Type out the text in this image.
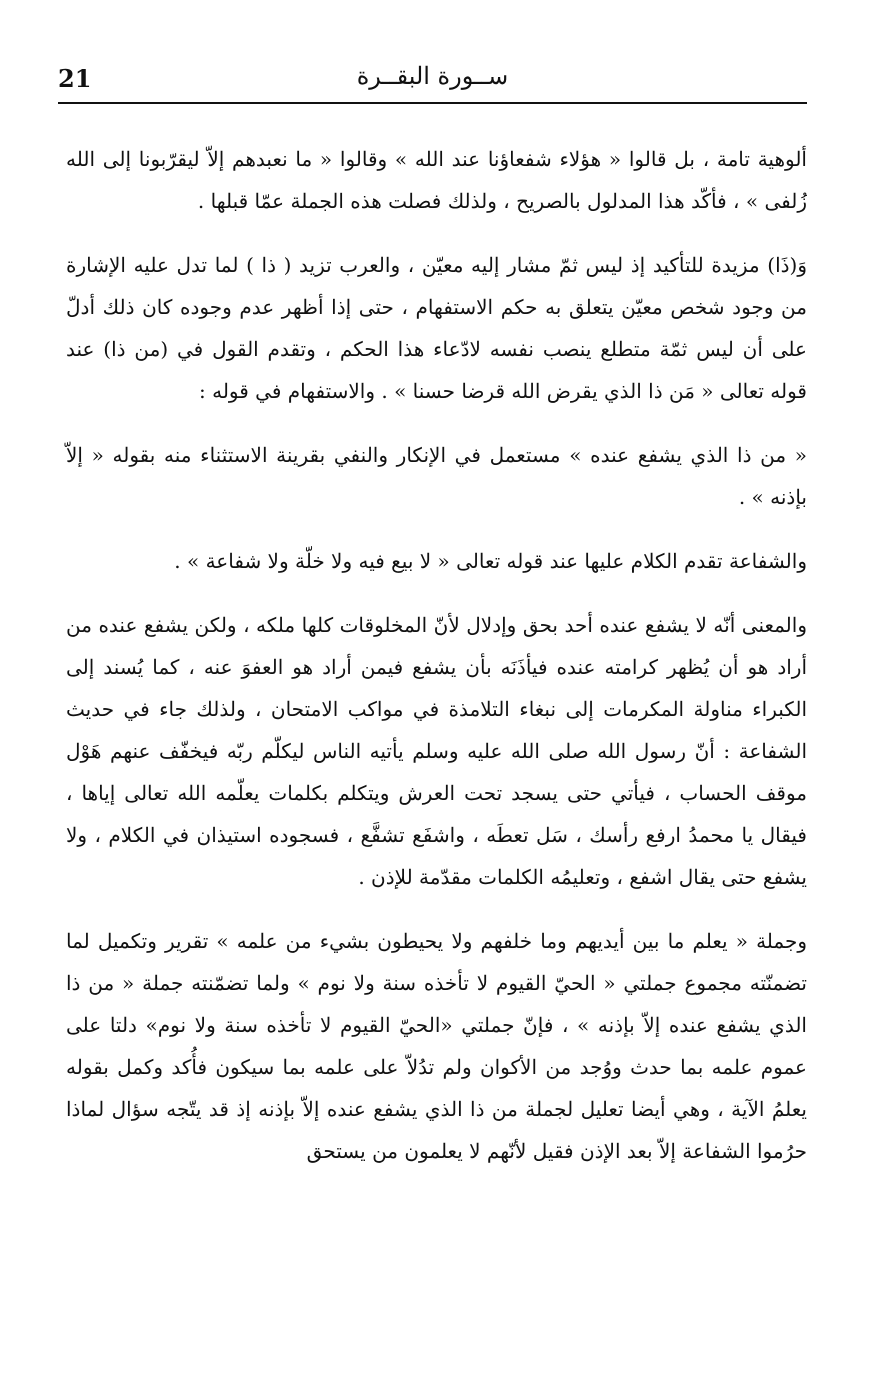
21	ســورة البقــرة

ألوهية تامة ، بل قالوا « هؤلاء شفعاؤنا عند الله » وقالوا « ما نعبدهم إلاّ ليقرّبونا إلى الله زُلفى » ، فأكّد هذا المدلول بالصريح ، ولذلك فصلت هذه الجملة عمّا قبلها .

وَ(ذَا) مزيدة للتأكيد إذ ليس ثمّ مشار إليه معيّن ، والعرب تزيد ( ذا ) لما تدل عليه الإشارة من وجود شخص معيّن يتعلق به حكم الاستفهام ، حتى إذا أظهر عدم وجوده كان ذلك أدلّ على أن ليس ثمّة متطلع ينصب نفسه لادّعاء هذا الحكم ، وتقدم القول في (من ذا) عند قوله تعالى « مَن ذا الذي يقرض الله قرضا حسنا » . والاستفهام في قوله :

« من ذا الذي يشفع عنده » مستعمل في الإنكار والنفي بقرينة الاستثناء منه بقوله « إلاّ بإذنه » .

والشفاعة تقدم الكلام عليها عند قوله تعالى « لا بيع فيه ولا خلّة ولا شفاعة » .

والمعنى أنّه لا يشفع عنده أحد بحق وإدلال لأنّ المخلوقات كلها ملكه ، ولكن يشفع عنده من أراد هو أن يُظهر كرامته عنده فيأذَنَه بأن يشفع فيمن أراد هو العفوَ عنه ، كما يُسند إلى الكبراء مناولة المكرمات إلى نبغاء التلامذة في مواكب الامتحان ، ولذلك جاء في حديث الشفاعة : أنّ رسول الله صلى الله عليه وسلم يأتيه الناس ليكلّم ربّه فيخفّف عنهم هَوْل موقف الحساب ، فيأتي حتى يسجد تحت العرش ويتكلم بكلمات يعلّمه الله تعالى إياها ، فيقال يا محمدُ ارفع رأسك ، سَل تعطَه ، واشفَع تشفَّع ، فسجوده استيذان في الكلام ، ولا يشفع حتى يقال اشفع ، وتعليمُه الكلمات مقدّمة للإذن .

وجملة « يعلم ما بين أيديهم وما خلفهم ولا يحيطون بشيء من علمه » تقرير وتكميل لما تضمنّته مجموع جملتي « الحيّ القيوم لا تأخذه سنة ولا نوم » ولما تضمّنته جملة « من ذا الذي يشفع عنده إلاّ بإذنه » ، فإنّ جملتي «الحيّ القيوم لا تأخذه سنة ولا نوم» دلتا على عموم علمه بما حدث ووُجد من الأكوان ولم تدُلاّ على علمه بما سيكون فأُكد وكمل بقوله يعلمُ الآية ، وهي أيضا تعليل لجملة من ذا الذي يشفع عنده إلاّ بإذنه إذ قد يتّجه سؤال لماذا حرُموا الشفاعة إلاّ بعد الإذن فقيل لأنّهم لا يعلمون من يستحق
